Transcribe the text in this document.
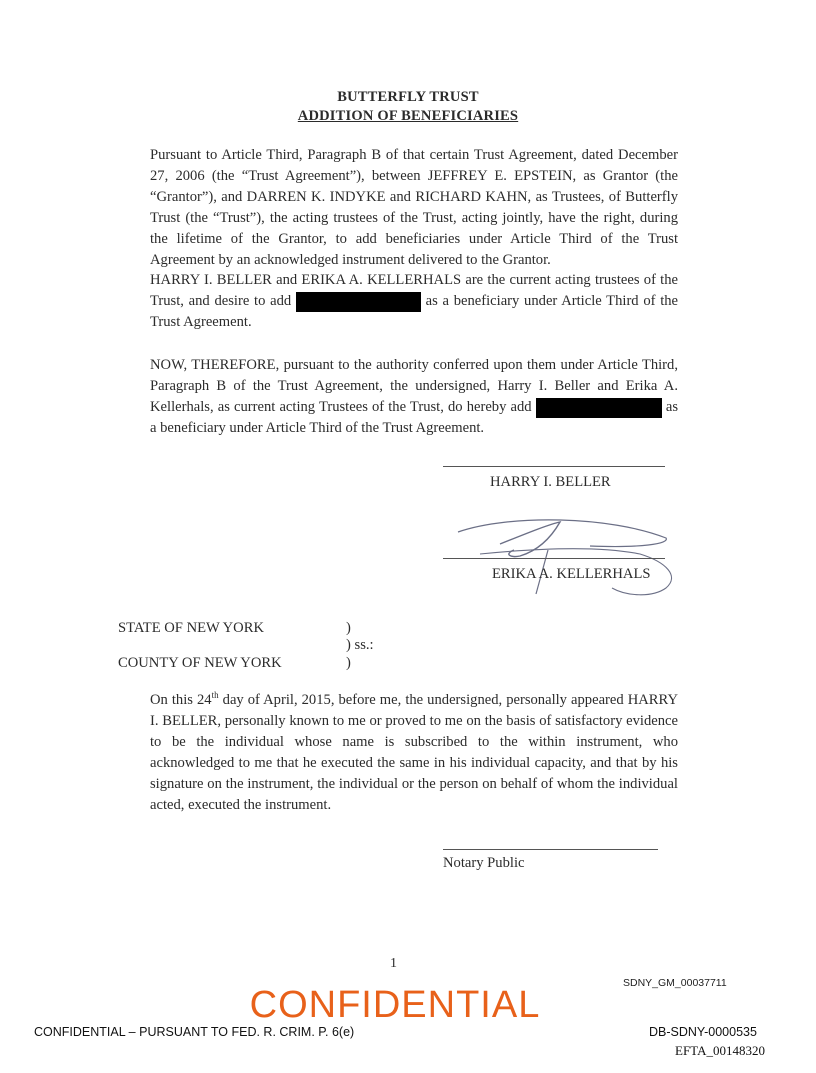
BUTTERFLY TRUST
ADDITION OF BENEFICIARIES

Pursuant to Article Third, Paragraph B of that certain Trust Agreement, dated December 27, 2006 (the “Trust Agreement”), between JEFFREY E. EPSTEIN, as Grantor (the “Grantor”), and DARREN K. INDYKE and RICHARD KAHN, as Trustees, of Butterfly Trust (the “Trust”), the acting trustees of the Trust, acting jointly, have the right, during the lifetime of the Grantor, to add beneficiaries under Article Third of the Trust Agreement by an acknowledged instrument delivered to the Grantor.

HARRY I. BELLER and ERIKA A. KELLERHALS are the current acting trustees of the Trust, and desire to add	as a beneficiary under Article Third of the Trust Agreement.

NOW, THEREFORE, pursuant to the authority conferred upon them under Article Third, Paragraph B of the Trust Agreement, the undersigned, Harry I. Beller and Erika A. Kellerhals, as current acting Trustees of the Trust, do hereby add	as a beneficiary under Article Third of the Trust Agreement.

HARRY I. BELLER
ERIKA A. KELLERHALS
STATE OF NEW YORK	)
) ss.:
COUNTY OF NEW YORK	)

On this 24th day of April, 2015, before me, the undersigned, personally appeared HARRY I. BELLER, personally known to me or proved to me on the basis of satisfactory evidence to be the individual whose name is subscribed to the within instrument, who acknowledged to me that he executed the same in his individual capacity, and that by his signature on the instrument, the individual or the person on behalf of whom the individual acted, executed the instrument.

Notary Public
1
SDNY_GM_00037711
CONFIDENTIAL
CONFIDENTIAL – PURSUANT TO FED. R. CRIM. P. 6(e)	DB-SDNY-0000535
EFTA_00148320
